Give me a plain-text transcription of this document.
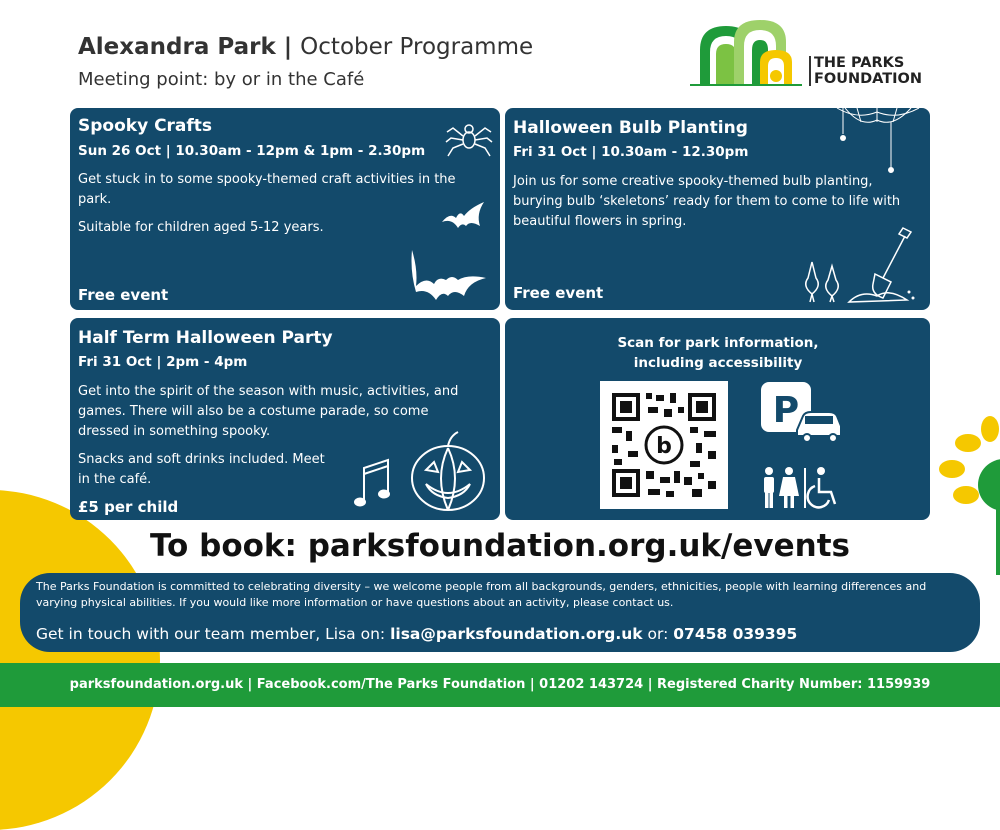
Alexandra Park | October Programme
Meeting point: by or in the Café
THE PARKS
FOUNDATION
Spooky Crafts
Sun 26 Oct | 10.30am - 12pm & 1pm - 2.30pm

Get stuck in to some spooky-themed craft activities in the park.

Suitable for children aged 5-12 years.

Free event
Halloween Bulb Planting
Fri 31 Oct | 10.30am - 12.30pm

Join us for some creative spooky-themed bulb planting, burying bulb ‘skeletons’ ready for them to come to life with beautiful flowers in spring.

Free event
Half Term Halloween Party
Fri 31 Oct | 2pm - 4pm

Get into the spirit of the season with music, activities, and games. There will also be a costume parade, so come dressed in something spooky.

Snacks and soft drinks included. Meet in the café.

£5 per child
Scan for park information, including accessibility
b
P
To book: parksfoundation.org.uk/events
The Parks Foundation is committed to celebrating diversity – we welcome people from all backgrounds, genders, ethnicities, people with learning differences and varying physical abilities. If you would like more information or have questions about an activity, please contact us.
Get in touch with our team member, Lisa on: lisa@parksfoundation.org.uk or: 07458 039395
parksfoundation.org.uk | Facebook.com/The Parks Foundation | 01202 143724 | Registered Charity Number: 1159939
